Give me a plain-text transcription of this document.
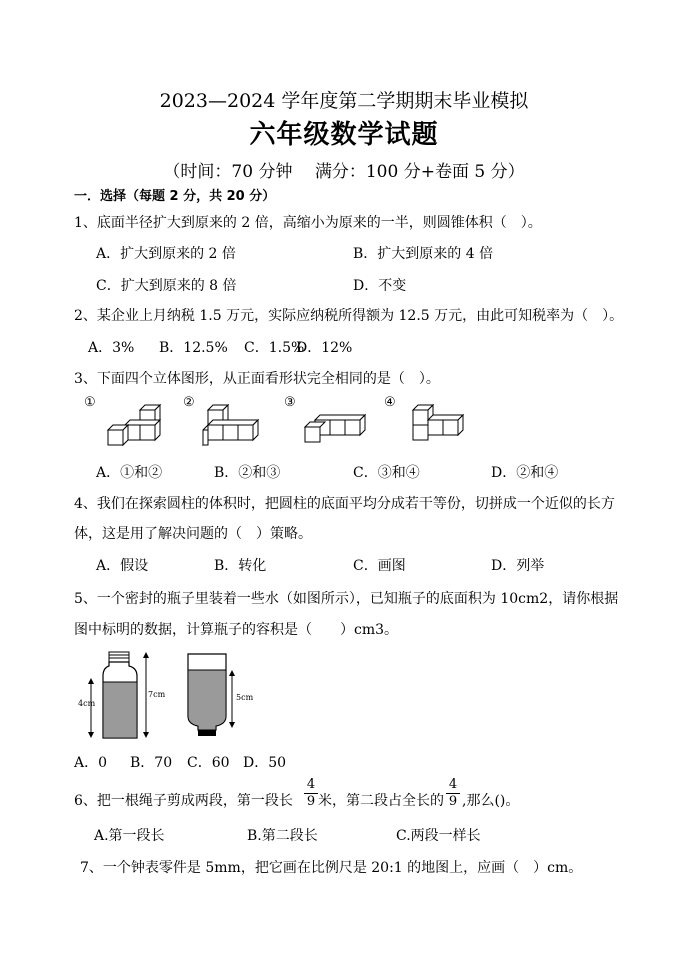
2023—2024 学年度第二学期期末毕业模拟
六年级数学试题
（时间：70 分钟　 满分：100 分+卷面 5 分）
一．选择（每题 2 分，共 20 分）
1、底面半径扩大到原来的 2 倍，高缩小为原来的一半，则圆锥体积（　）。
A．扩大到原来的 2 倍	B．扩大到原来的 4 倍
C．扩大到原来的 8 倍	D．不变
2、某企业上月纳税 1.5 万元，实际应纳税所得额为 12.5 万元，由此可知税率为（　）。
A．3% B．12.5% C．1.5%
D．12%
3、下面四个立体图形，从正面看形状完全相同的是（　）。
①	②	③	④
A．①和②	B．②和③	C．③和④	D．②和④
4、我们在探索圆柱的体积时，把圆柱的底面平均分成若干等份，切拼成一个近似的长方
体，这是用了解决问题的（　）策略。
A．假设	B．转化	C．画图	D．列举
5、一个密封的瓶子里装着一些水（如图所示），已知瓶子的底面积为 10cm2，请你根据
图中标明的数据，计算瓶子的容积是（　　）cm3。
4cm
7cm	5cm
A．0 B．70 C．60 D．50
6、把一根绳子剪成两段，第一段长
4
9 米，第二段占全长的
4
9 ,那么()。
A.第一段长	B.第二段长	C.两段一样长
7、一个钟表零件是 5mm，把它画在比例尺是 20:1 的地图上，应画（　）cm。
